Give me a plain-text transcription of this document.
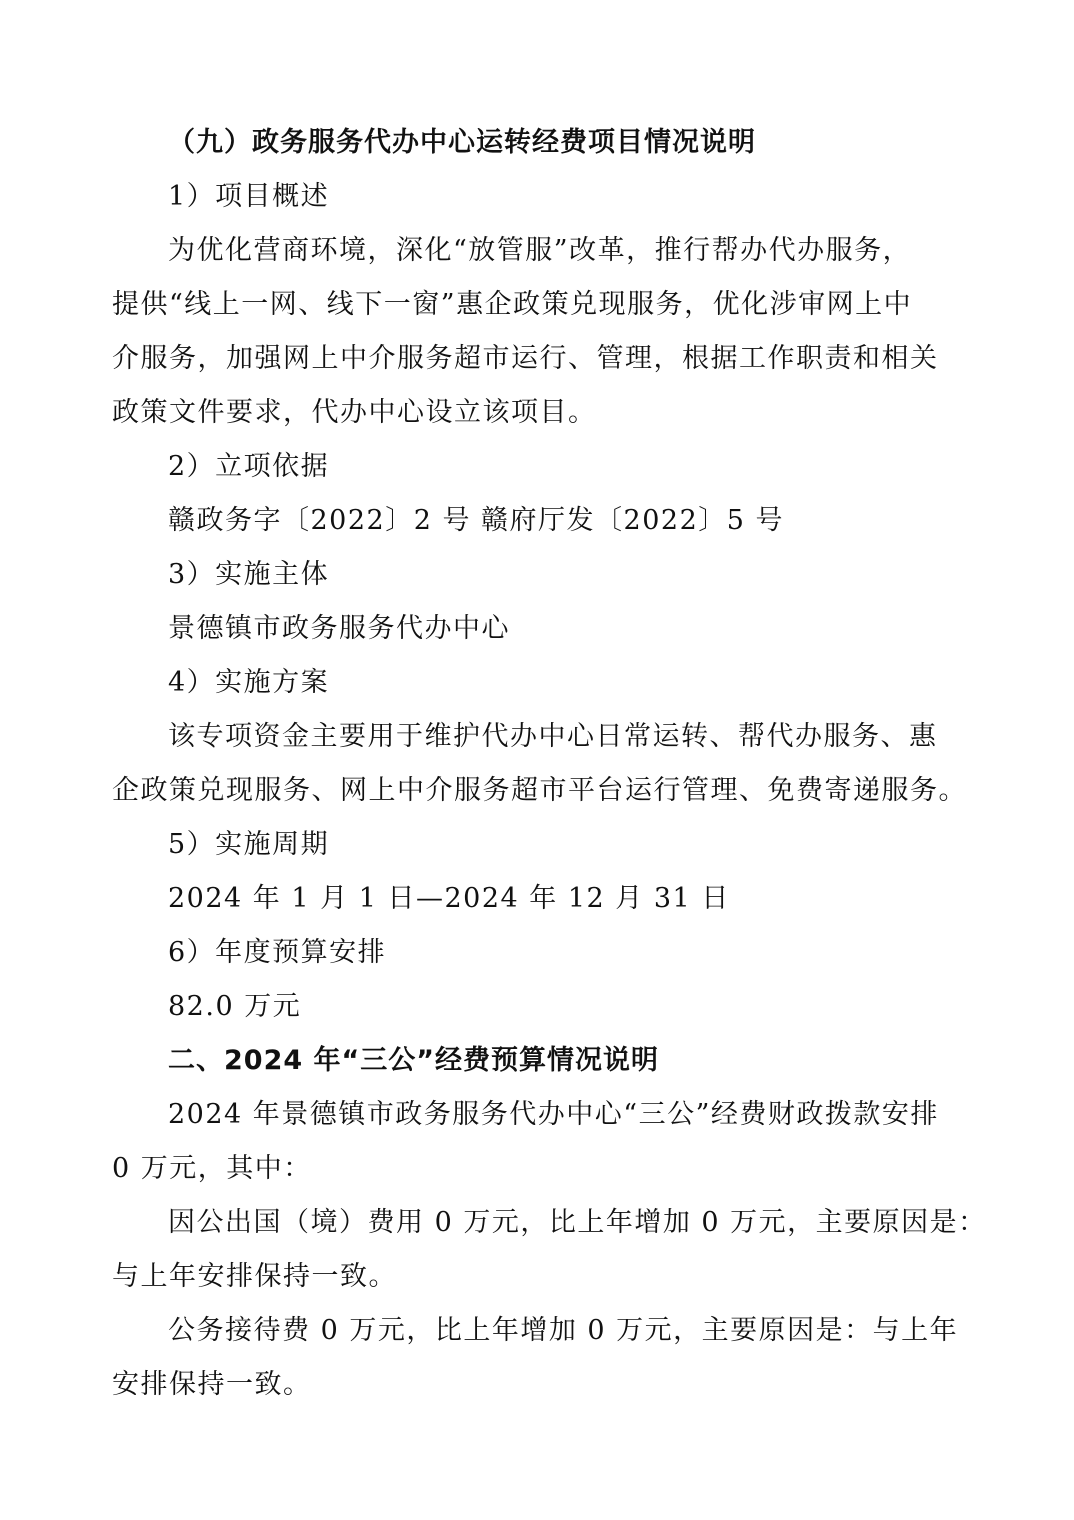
（九）政务服务代办中心运转经费项目情况说明

1）项目概述

为优化营商环境，深化“放管服”改革，推行帮办代办服务，

提供“线上一网、线下一窗”惠企政策兑现服务，优化涉审网上中

介服务，加强网上中介服务超市运行、管理，根据工作职责和相关

政策文件要求，代办中心设立该项目。

2）立项依据

赣政务字〔2022〕2 号 赣府厅发〔2022〕5 号

3）实施主体

景德镇市政务服务代办中心

4）实施方案

该专项资金主要用于维护代办中心日常运转、帮代办服务、惠

企政策兑现服务、网上中介服务超市平台运行管理、免费寄递服务。

5）实施周期

2024 年 1 月 1 日—2024 年 12 月 31 日

6）年度预算安排

82.0 万元

二、2024 年“三公”经费预算情况说明

2024 年景德镇市政务服务代办中心“三公”经费财政拨款安排

0 万元，其中：

因公出国（境）费用 0 万元，比上年增加 0 万元，主要原因是：

与上年安排保持一致。

公务接待费 0 万元，比上年增加 0 万元，主要原因是：与上年

安排保持一致。
